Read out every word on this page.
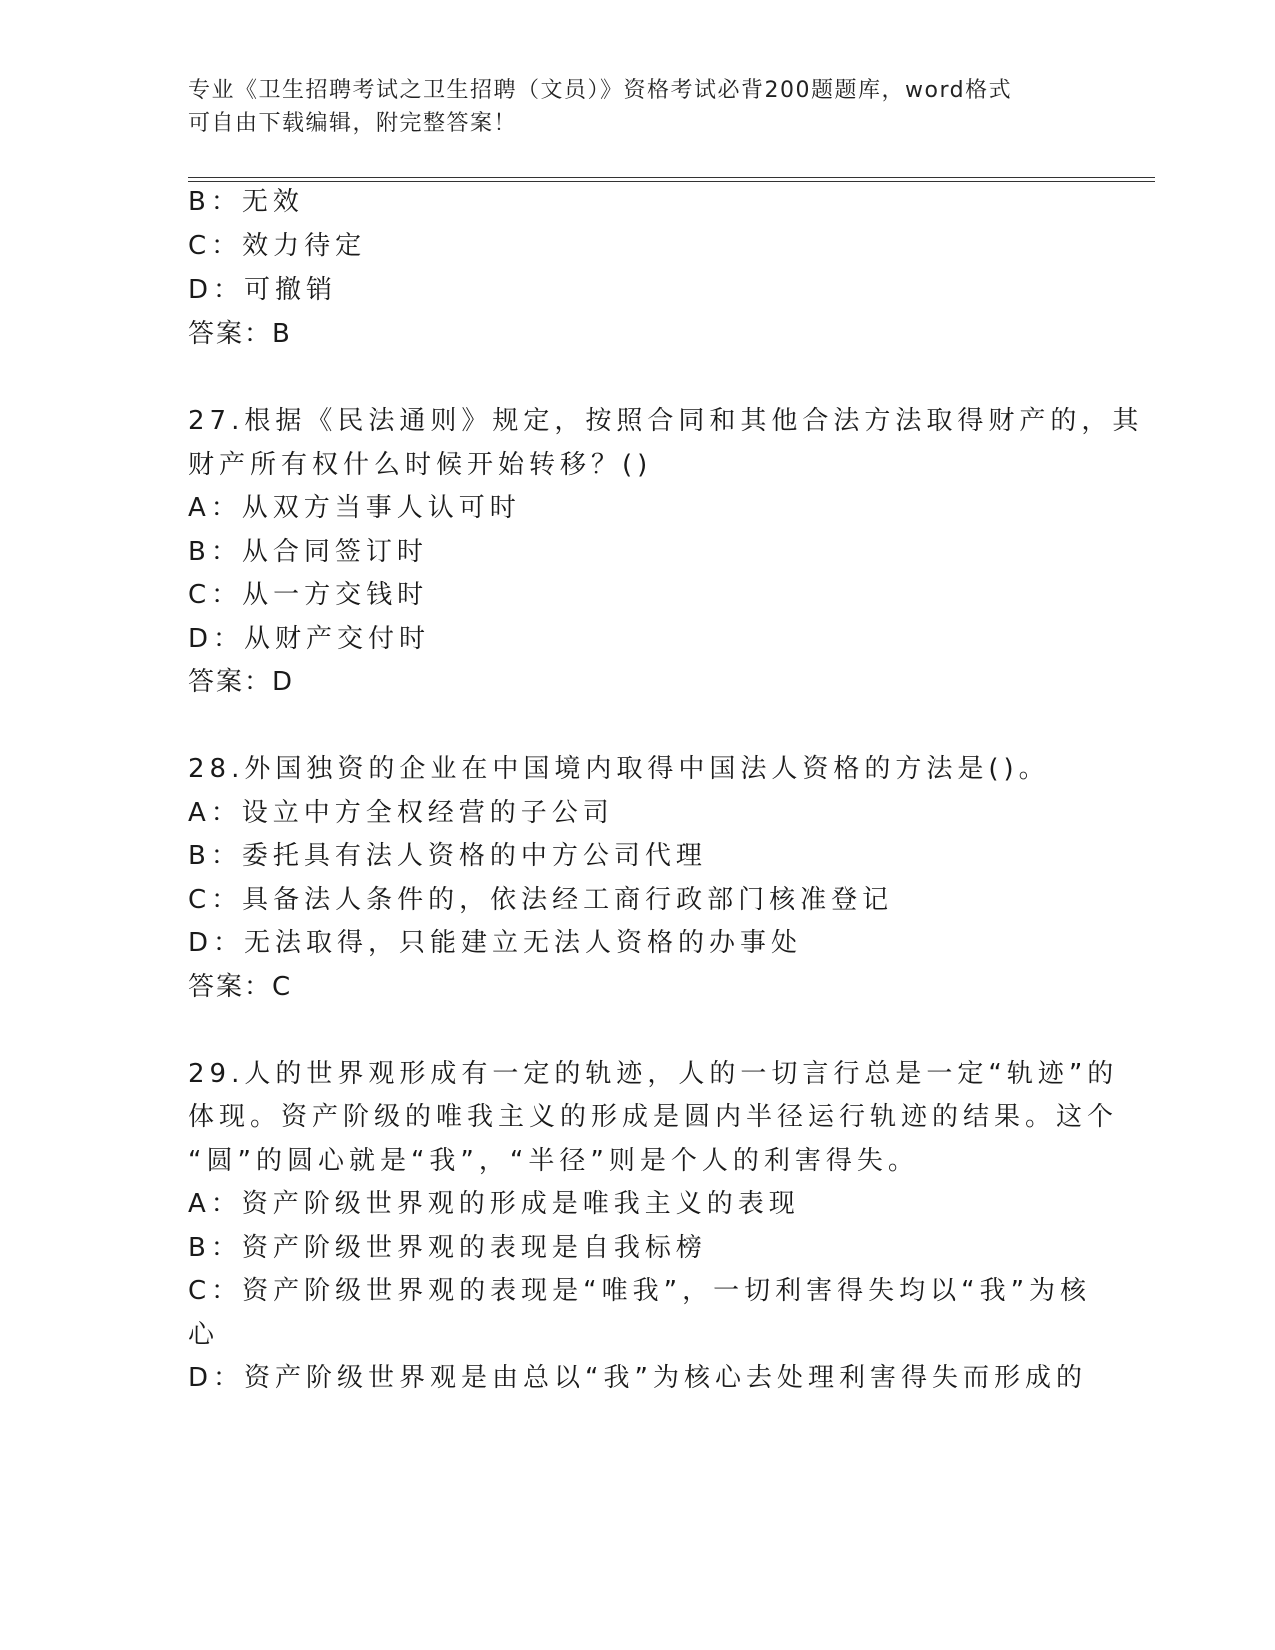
专业《卫生招聘考试之卫生招聘（文员）》资格考试必背200题题库，word格式
可自由下载编辑，附完整答案！
B：无效
C：效力待定
D：可撤销
答案：B
27.根据《民法通则》规定，按照合同和其他合法方法取得财产的，其
财产所有权什么时候开始转移？()
A：从双方当事人认可时
B：从合同签订时
C：从一方交钱时
D：从财产交付时
答案：D
28.外国独资的企业在中国境内取得中国法人资格的方法是()。
A：设立中方全权经营的子公司
B：委托具有法人资格的中方公司代理
C：具备法人条件的，依法经工商行政部门核准登记
D：无法取得，只能建立无法人资格的办事处
答案：C
29.人的世界观形成有一定的轨迹，人的一切言行总是一定“轨迹”的
体现。资产阶级的唯我主义的形成是圆内半径运行轨迹的结果。这个
“圆”的圆心就是“我”，“半径”则是个人的利害得失。
A：资产阶级世界观的形成是唯我主义的表现
B：资产阶级世界观的表现是自我标榜
C：资产阶级世界观的表现是“唯我”，一切利害得失均以“我”为核
心
D：资产阶级世界观是由总以“我”为核心去处理利害得失而形成的
